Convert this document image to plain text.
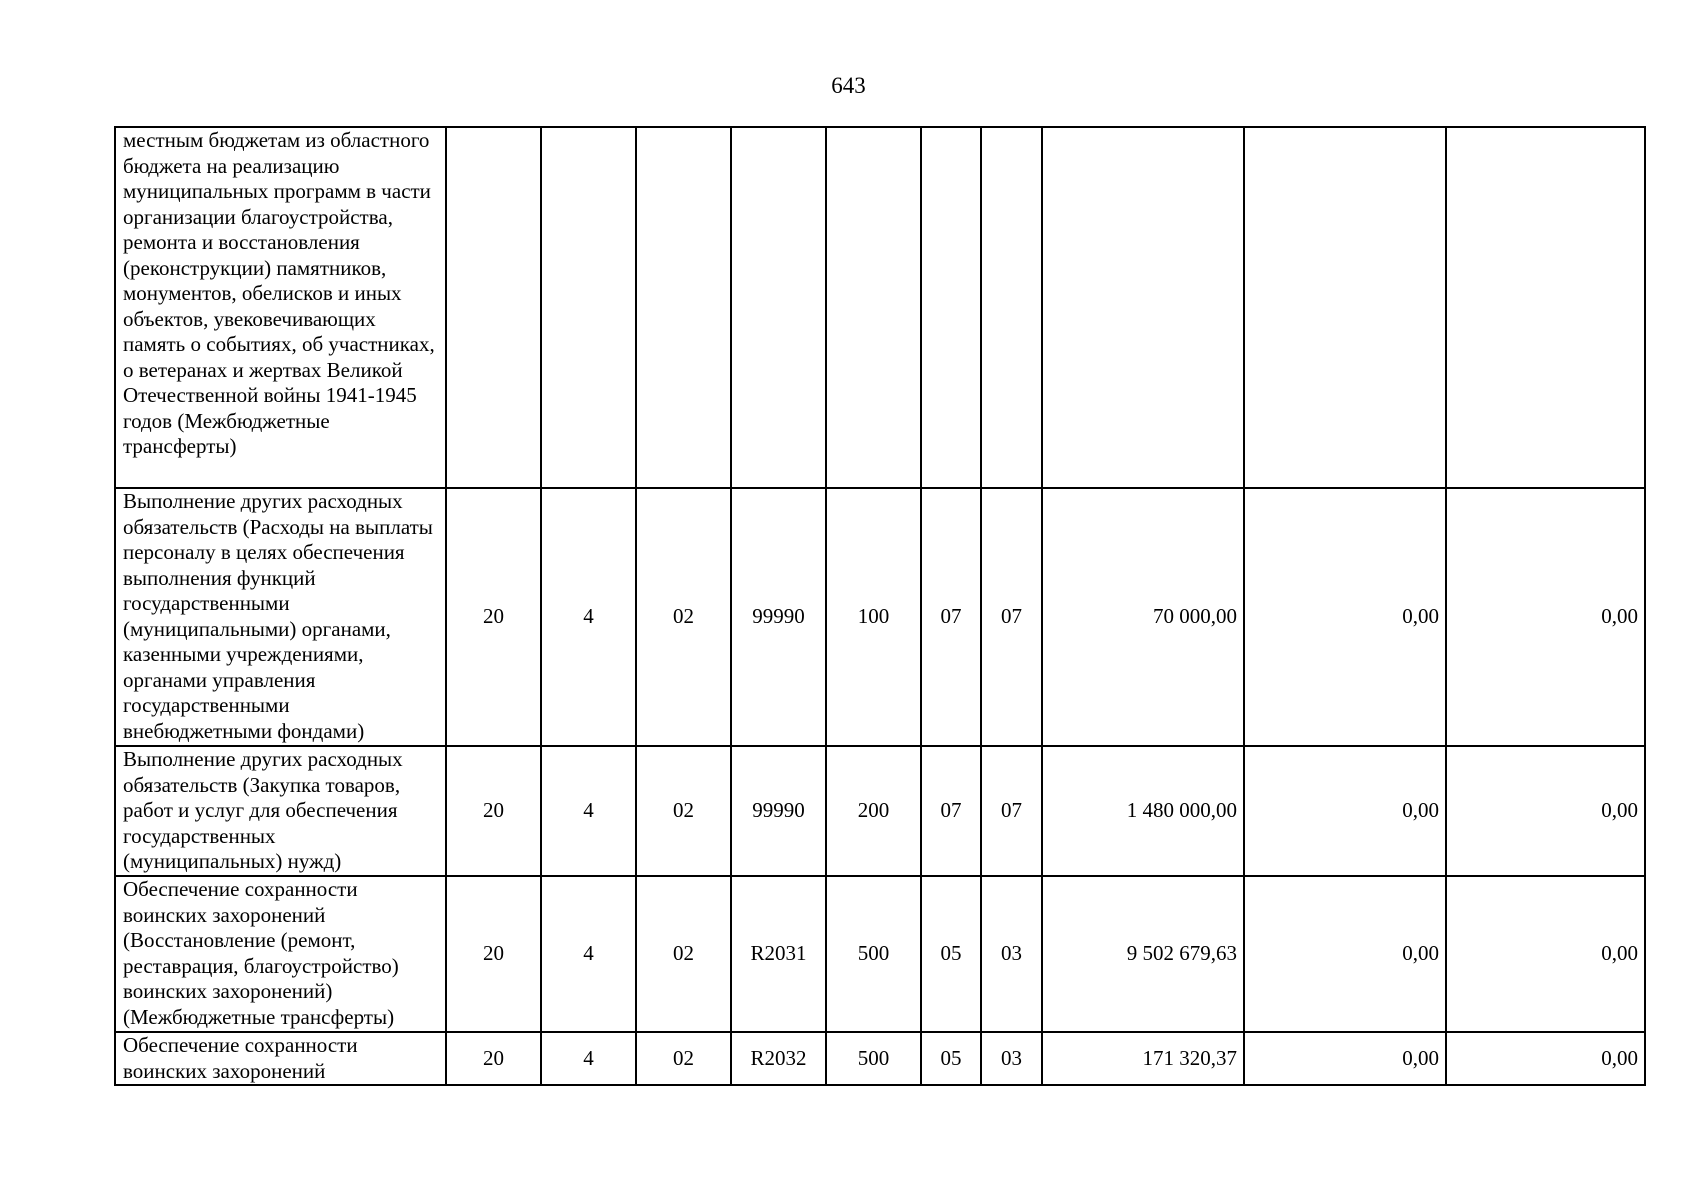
643
местным бюджетам из областного бюджета на реализацию муниципальных программ в части организации благоустройства, ремонта и восстановления (реконструкции) памятников, монументов, обелисков и иных объектов, увековечивающих память о событиях, об участниках, о ветеранах и жертвах Великой Отечественной войны 1941-1945 годов (Межбюджетные трансферты)										
Выполнение других расходных обязательств (Расходы на выплаты персоналу в целях обеспечения выполнения функций государственными (муниципальными) органами, казенными учреждениями, органами управления государственными внебюджетными фондами)	20	4	02	99990	100	07	07	70 000,00	0,00	0,00
Выполнение других расходных обязательств (Закупка товаров, работ и услуг для обеспечения государственных (муниципальных) нужд)	20	4	02	99990	200	07	07	1 480 000,00	0,00	0,00
Обеспечение сохранности воинских захоронений (Восстановление (ремонт, реставрация, благоустройство) воинских захоронений) (Межбюджетные трансферты)	20	4	02	R2031	500	05	03	9 502 679,63	0,00	0,00
Обеспечение сохранности воинских захоронений	20	4	02	R2032	500	05	03	171 320,37	0,00	0,00
